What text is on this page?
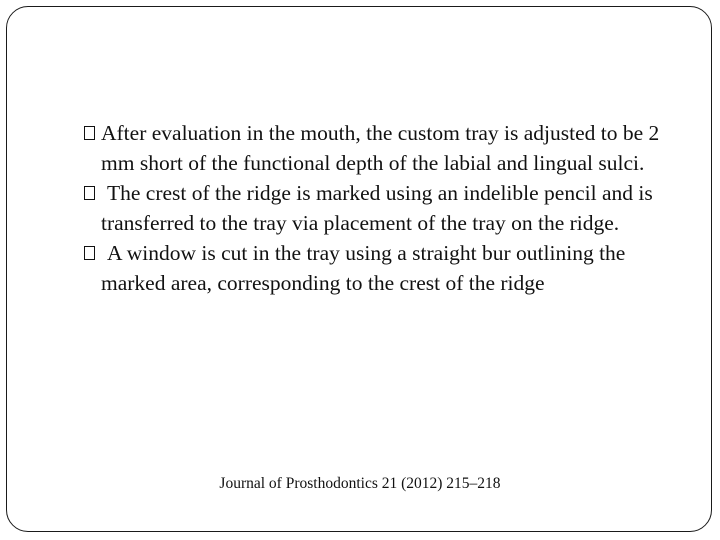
After evaluation in the mouth, the custom tray is adjusted to be 2 mm short of the functional depth of the labial and lingual sulci.
The crest of the ridge is marked using an indelible pencil and is transferred to the tray via placement of the tray on the ridge.
A window is cut in the tray using a straight bur outlining the marked area, corresponding to the crest of the ridge
Journal of Prosthodontics 21 (2012) 215–218
